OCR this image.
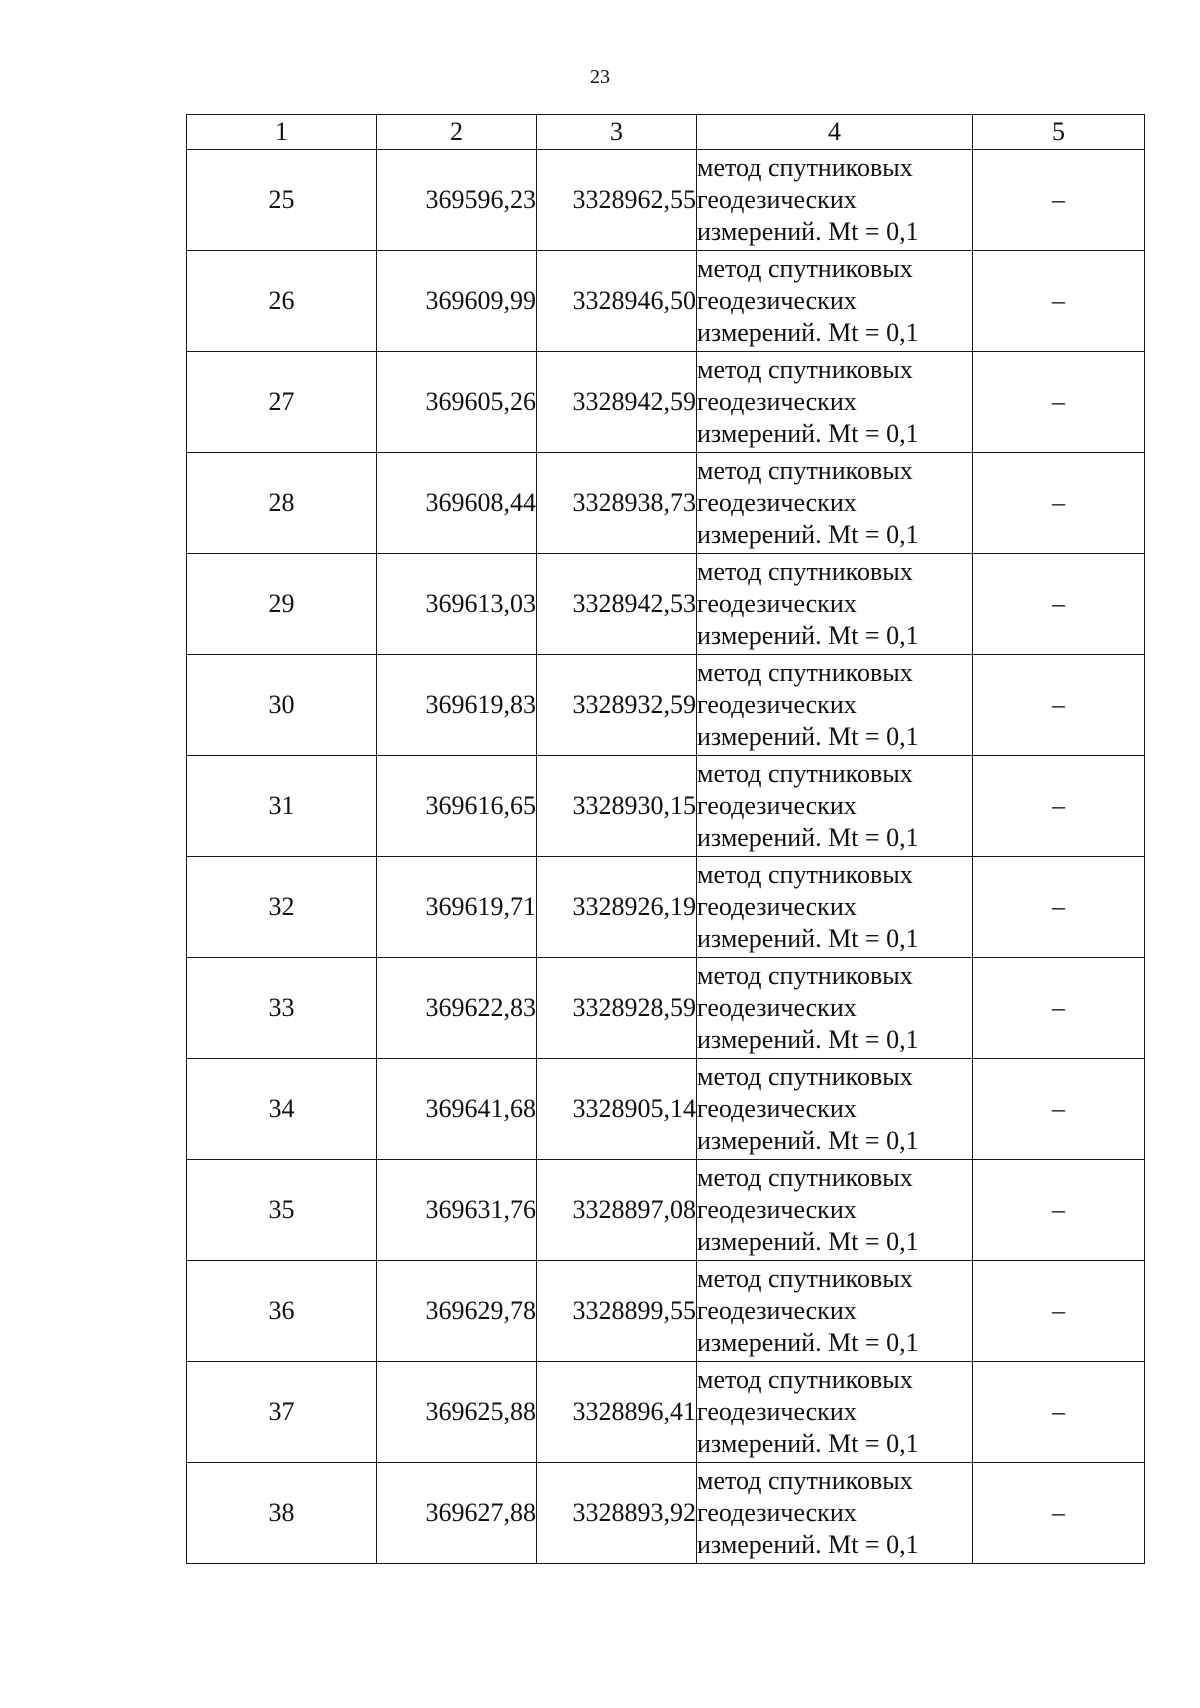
23
1	2	3	4	5
25	369596,23	3328962,55	метод спутниковых
геодезических
измерений. Mt = 0,1	–
26	369609,99	3328946,50	метод спутниковых
геодезических
измерений. Mt = 0,1	–
27	369605,26	3328942,59	метод спутниковых
геодезических
измерений. Mt = 0,1	–
28	369608,44	3328938,73	метод спутниковых
геодезических
измерений. Mt = 0,1	–
29	369613,03	3328942,53	метод спутниковых
геодезических
измерений. Mt = 0,1	–
30	369619,83	3328932,59	метод спутниковых
геодезических
измерений. Mt = 0,1	–
31	369616,65	3328930,15	метод спутниковых
геодезических
измерений. Mt = 0,1	–
32	369619,71	3328926,19	метод спутниковых
геодезических
измерений. Mt = 0,1	–
33	369622,83	3328928,59	метод спутниковых
геодезических
измерений. Mt = 0,1	–
34	369641,68	3328905,14	метод спутниковых
геодезических
измерений. Mt = 0,1	–
35	369631,76	3328897,08	метод спутниковых
геодезических
измерений. Mt = 0,1	–
36	369629,78	3328899,55	метод спутниковых
геодезических
измерений. Mt = 0,1	–
37	369625,88	3328896,41	метод спутниковых
геодезических
измерений. Mt = 0,1	–
38	369627,88	3328893,92	метод спутниковых
геодезических
измерений. Mt = 0,1	–
